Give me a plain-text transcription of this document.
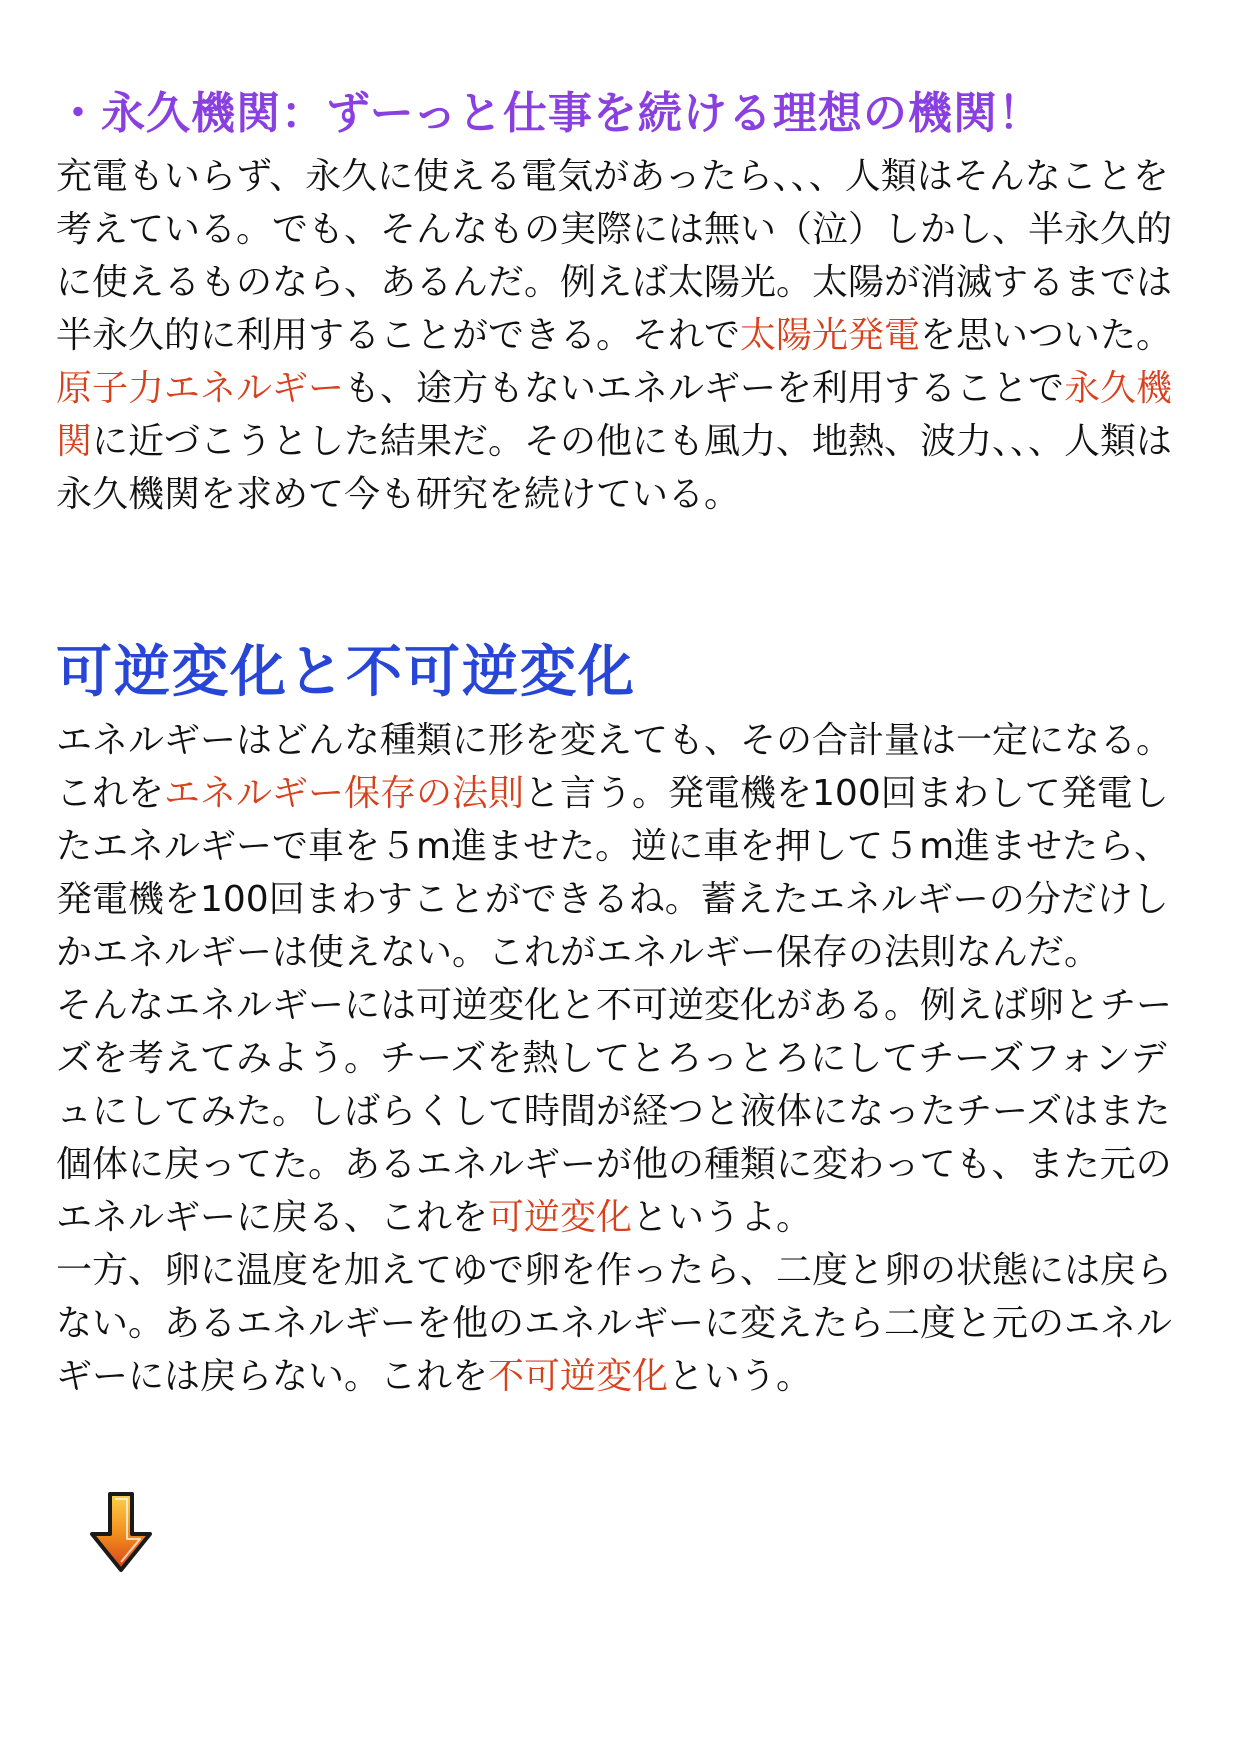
・永久機関：ずーっと仕事を続ける理想の機関！

充電もいらず、永久に使える電気があったら、、、人類はそんなことを考えている。でも、そんなもの実際には無い（泣）しかし、半永久的に使えるものなら、あるんだ。例えば太陽光。太陽が消滅するまでは半永久的に利用することができる。それで太陽光発電を思いついた。原子力エネルギーも、途方もないエネルギーを利用することで永久機関に近づこうとした結果だ。その他にも風力、地熱、波力、、、人類は永久機関を求めて今も研究を続けている。

可逆変化と不可逆変化

エネルギーはどんな種類に形を変えても、その合計量は一定になる。これをエネルギー保存の法則と言う。発電機を100回まわして発電したエネルギーで車を５m進ませた。逆に車を押して５m進ませたら、発電機を100回まわすことができるね。蓄えたエネルギーの分だけしかエネルギーは使えない。これがエネルギー保存の法則なんだ。

そんなエネルギーには可逆変化と不可逆変化がある。例えば卵とチーズを考えてみよう。チーズを熱してとろっとろにしてチーズフォンデュにしてみた。しばらくして時間が経つと液体になったチーズはまた個体に戻ってた。あるエネルギーが他の種類に変わっても、また元のエネルギーに戻る、これを可逆変化というよ。

一方、卵に温度を加えてゆで卵を作ったら、二度と卵の状態には戻らない。あるエネルギーを他のエネルギーに変えたら二度と元のエネルギーには戻らない。これを不可逆変化という。
